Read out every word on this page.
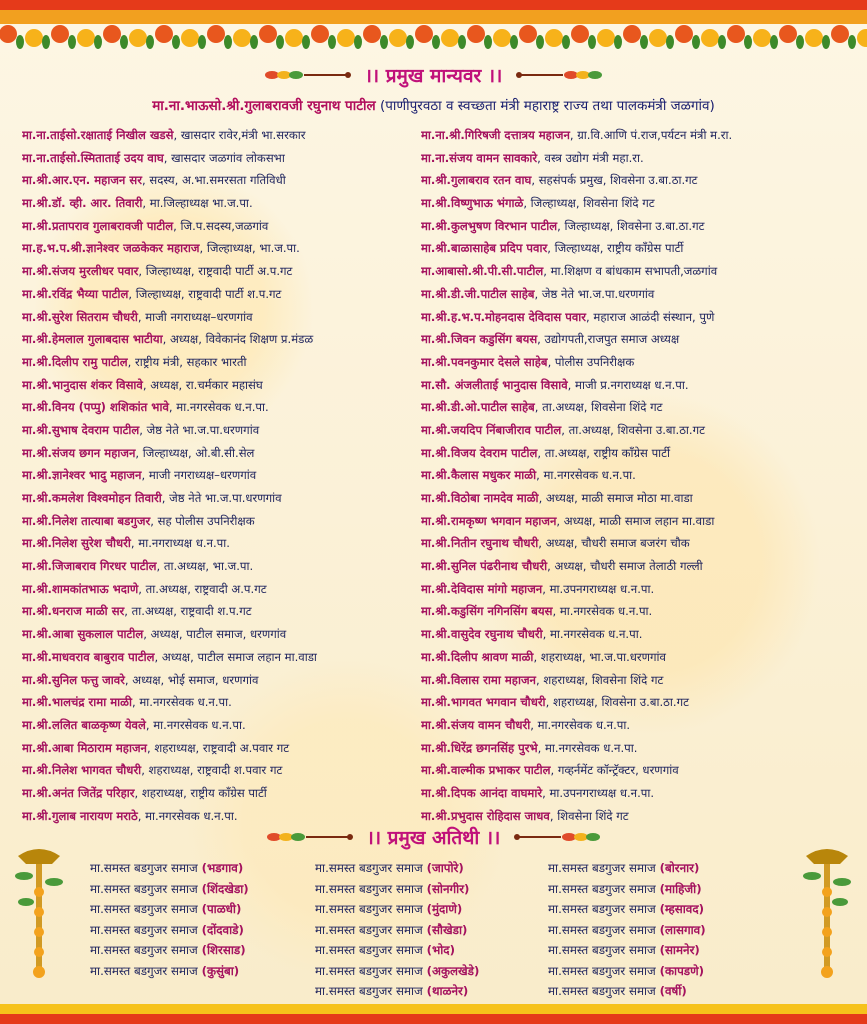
।। प्रमुख मान्यवर ।।
मा.ना.भाऊसो.श्री.गुलाबरावजी रघुनाथ पाटील (पाणीपुरवठा व स्वच्छता मंत्री महाराष्ट्र राज्य तथा पालकमंत्री जळगांव)
मा.ना.ताईसो.रक्षाताई निखील खडसे, खासदार रावेर,मंत्री भा.सरकार
मा.ना.ताईसो.स्मिताताई उदय वाघ, खासदार जळगांव लोकसभा
मा.श्री.आर.एन. महाजन सर, सदस्य, अ.भा.समरसता गतिविधी
मा.श्री.डॉ. व्ही. आर. तिवारी, मा.जिल्हाध्यक्ष भा.ज.पा.
मा.श्री.प्रतापराव गुलाबरावजी पाटील, जि.प.सदस्य,जळगांव
मा.ह.भ.प.श्री.ज्ञानेश्वर जळकेकर महाराज, जिल्हाध्यक्ष, भा.ज.पा.
मा.श्री.संजय मुरलीधर पवार, जिल्हाध्यक्ष, राष्ट्रवादी पार्टी अ.प.गट
मा.श्री.रविंद्र भैय्या पाटील, जिल्हाध्यक्ष, राष्ट्रवादी पार्टी श.प.गट
मा.श्री.सुरेश सितराम चौधरी, माजी नगराध्यक्ष–धरणगांव
मा.श्री.हेमलाल गुलाबदास भाटीया, अध्यक्ष, विवेकानंद शिक्षण प्र.मंडळ
मा.श्री.दिलीप रामु पाटील, राष्ट्रीय मंत्री, सहकार भारती
मा.श्री.भानुदास शंकर विसावे, अध्यक्ष, रा.चर्मकार महासंघ
मा.श्री.विनय (पप्पु) शशिकांत भावे, मा.नगरसेवक ध.न.पा.
मा.श्री.सुभाष देवराम पाटील, जेष्ठ नेते भा.ज.पा.धरणगांव
मा.श्री.संजय छगन महाजन, जिल्हाध्यक्ष, ओ.बी.सी.सेल
मा.श्री.ज्ञानेश्वर भादु महाजन, माजी नगराध्यक्ष–धरणगांव
मा.श्री.कमलेश विश्वमोहन तिवारी, जेष्ठ नेते भा.ज.पा.धरणगांव
मा.श्री.निलेश तात्याबा बडगुजर, सह पोलीस उपनिरीक्षक
मा.श्री.निलेश सुरेश चौधरी, मा.नगराध्यक्ष ध.न.पा.
मा.श्री.जिजाबराव गिरधर पाटील, ता.अध्यक्ष, भा.ज.पा.
मा.श्री.शामकांतभाऊ भदाणे, ता.अध्यक्ष, राष्ट्रवादी अ.प.गट
मा.श्री.धनराज माळी सर, ता.अध्यक्ष, राष्ट्रवादी श.प.गट
मा.श्री.आबा सुकलाल पाटील, अध्यक्ष, पाटील समाज, धरणगांव
मा.श्री.माधवराव बाबुराव पाटील, अध्यक्ष, पाटील समाज लहान मा.वाडा
मा.श्री.सुनिल फत्तु जावरे, अध्यक्ष, भोई समाज, धरणगांव
मा.श्री.भालचंद्र रामा माळी, मा.नगरसेवक ध.न.पा.
मा.श्री.ललित बाळकृष्ण येवले, मा.नगरसेवक ध.न.पा.
मा.श्री.आबा मिठाराम महाजन, शहराध्यक्ष, राष्ट्रवादी अ.पवार गट
मा.श्री.निलेश भागवत चौधरी, शहराध्यक्ष, राष्ट्रवादी श.पवार गट
मा.श्री.अनंत जितेंद्र परिहार, शहराध्यक्ष, राष्ट्रीय कॉंग्रेस पार्टी
मा.श्री.गुलाब नारायण मराठे, मा.नगरसेवक ध.न.पा.
मा.ना.श्री.गिरिषजी दत्तात्रय महाजन, ग्रा.वि.आणि पं.राज,पर्यटन मंत्री म.रा.
मा.ना.संजय वामन सावकारे, वस्त्र उद्योग मंत्री महा.रा.
मा.श्री.गुलाबराव रतन वाघ, सहसंपर्क प्रमुख, शिवसेना उ.बा.ठा.गट
मा.श्री.विष्णुभाऊ भंगाळे, जिल्हाध्यक्ष, शिवसेना शिंदे गट
मा.श्री.कुलभुषण विरभान पाटील, जिल्हाध्यक्ष, शिवसेना उ.बा.ठा.गट
मा.श्री.बाळासाहेब प्रदिप पवार, जिल्हाध्यक्ष, राष्ट्रीय कॉंग्रेस पार्टी
मा.आबासो.श्री.पी.सी.पाटील, मा.शिक्षण व बांधकाम सभापती,जळगांव
मा.श्री.डी.जी.पाटील साहेब, जेष्ठ नेते भा.ज.पा.धरणगांव
मा.श्री.ह.भ.प.मोहनदास देविदास पवार, महाराज आळंदी संस्थान, पुणे
मा.श्री.जिवन कडुसिंग बयस, उद्योगपती,राजपुत समाज अध्यक्ष
मा.श्री.पवनकुमार देसले साहेब, पोलीस उपनिरीक्षक
मा.सौ. अंजलीताई भानुदास विसावे, माजी प्र.नगराध्यक्ष ध.न.पा.
मा.श्री.डी.ओ.पाटील साहेब, ता.अध्यक्ष, शिवसेना शिंदे गट
मा.श्री.जयदिप निंबाजीराव पाटील, ता.अध्यक्ष, शिवसेना उ.बा.ठा.गट
मा.श्री.विजय देवराम पाटील, ता.अध्यक्ष, राष्ट्रीय कॉंग्रेस पार्टी
मा.श्री.कैलास मधुकर माळी, मा.नगरसेवक ध.न.पा.
मा.श्री.विठोबा नामदेव माळी, अध्यक्ष, माळी समाज मोठा मा.वाडा
मा.श्री.रामकृष्ण भगवान महाजन, अध्यक्ष, माळी समाज लहान मा.वाडा
मा.श्री.नितीन रघुनाथ चौधरी, अध्यक्ष, चौधरी समाज बजरंग चौक
मा.श्री.सुनिल पंढरीनाथ चौधरी, अध्यक्ष, चौधरी समाज तेलाठी गल्ली
मा.श्री.देविदास मांगो महाजन, मा.उपनगराध्यक्ष ध.न.पा.
मा.श्री.कडुसिंग नगिनसिंग बयस, मा.नगरसेवक ध.न.पा.
मा.श्री.वासुदेव रघुनाथ चौधरी, मा.नगरसेवक ध.न.पा.
मा.श्री.दिलीप श्रावण माळी, शहराध्यक्ष, भा.ज.पा.धरणगांव
मा.श्री.विलास रामा महाजन, शहराध्यक्ष, शिवसेना शिंदे गट
मा.श्री.भागवत भगवान चौधरी, शहराध्यक्ष, शिवसेना उ.बा.ठा.गट
मा.श्री.संजय वामन चौधरी, मा.नगरसेवक ध.न.पा.
मा.श्री.धिरेंद्र छगनसिंह पुरभे, मा.नगरसेवक ध.न.पा.
मा.श्री.वाल्मीक प्रभाकर पाटील, गव्हर्नमेंट कॉन्ट्रॅक्टर, धरणगांव
मा.श्री.दिपक आनंदा वाघमारे, मा.उपनगराध्यक्ष ध.न.पा.
मा.श्री.प्रभुदास रोहिदास जाधव, शिवसेना शिंदे गट
।। प्रमुख अतिथी ।।
मा.समस्त बडगुजर समाज (भडगाव)
मा.समस्त बडगुजर समाज (शिंदखेडा)
मा.समस्त बडगुजर समाज (पाळधी)
मा.समस्त बडगुजर समाज (दोंदवाडे)
मा.समस्त बडगुजर समाज (शिरसाड)
मा.समस्त बडगुजर समाज (कुसुंबा)
मा.समस्त बडगुजर समाज (जापोरे)
मा.समस्त बडगुजर समाज (सोनगीर)
मा.समस्त बडगुजर समाज (मुंदाणे)
मा.समस्त बडगुजर समाज (सौखेडा)
मा.समस्त बडगुजर समाज (भोद)
मा.समस्त बडगुजर समाज (अकुलखेडे)
मा.समस्त बडगुजर समाज (थाळनेर)
मा.समस्त बडगुजर समाज (बोरनार)
मा.समस्त बडगुजर समाज (माहिजी)
मा.समस्त बडगुजर समाज (म्हसावद)
मा.समस्त बडगुजर समाज (लासगाव)
मा.समस्त बडगुजर समाज (सामनेर)
मा.समस्त बडगुजर समाज (कापडणे)
मा.समस्त बडगुजर समाज (वर्षी)
